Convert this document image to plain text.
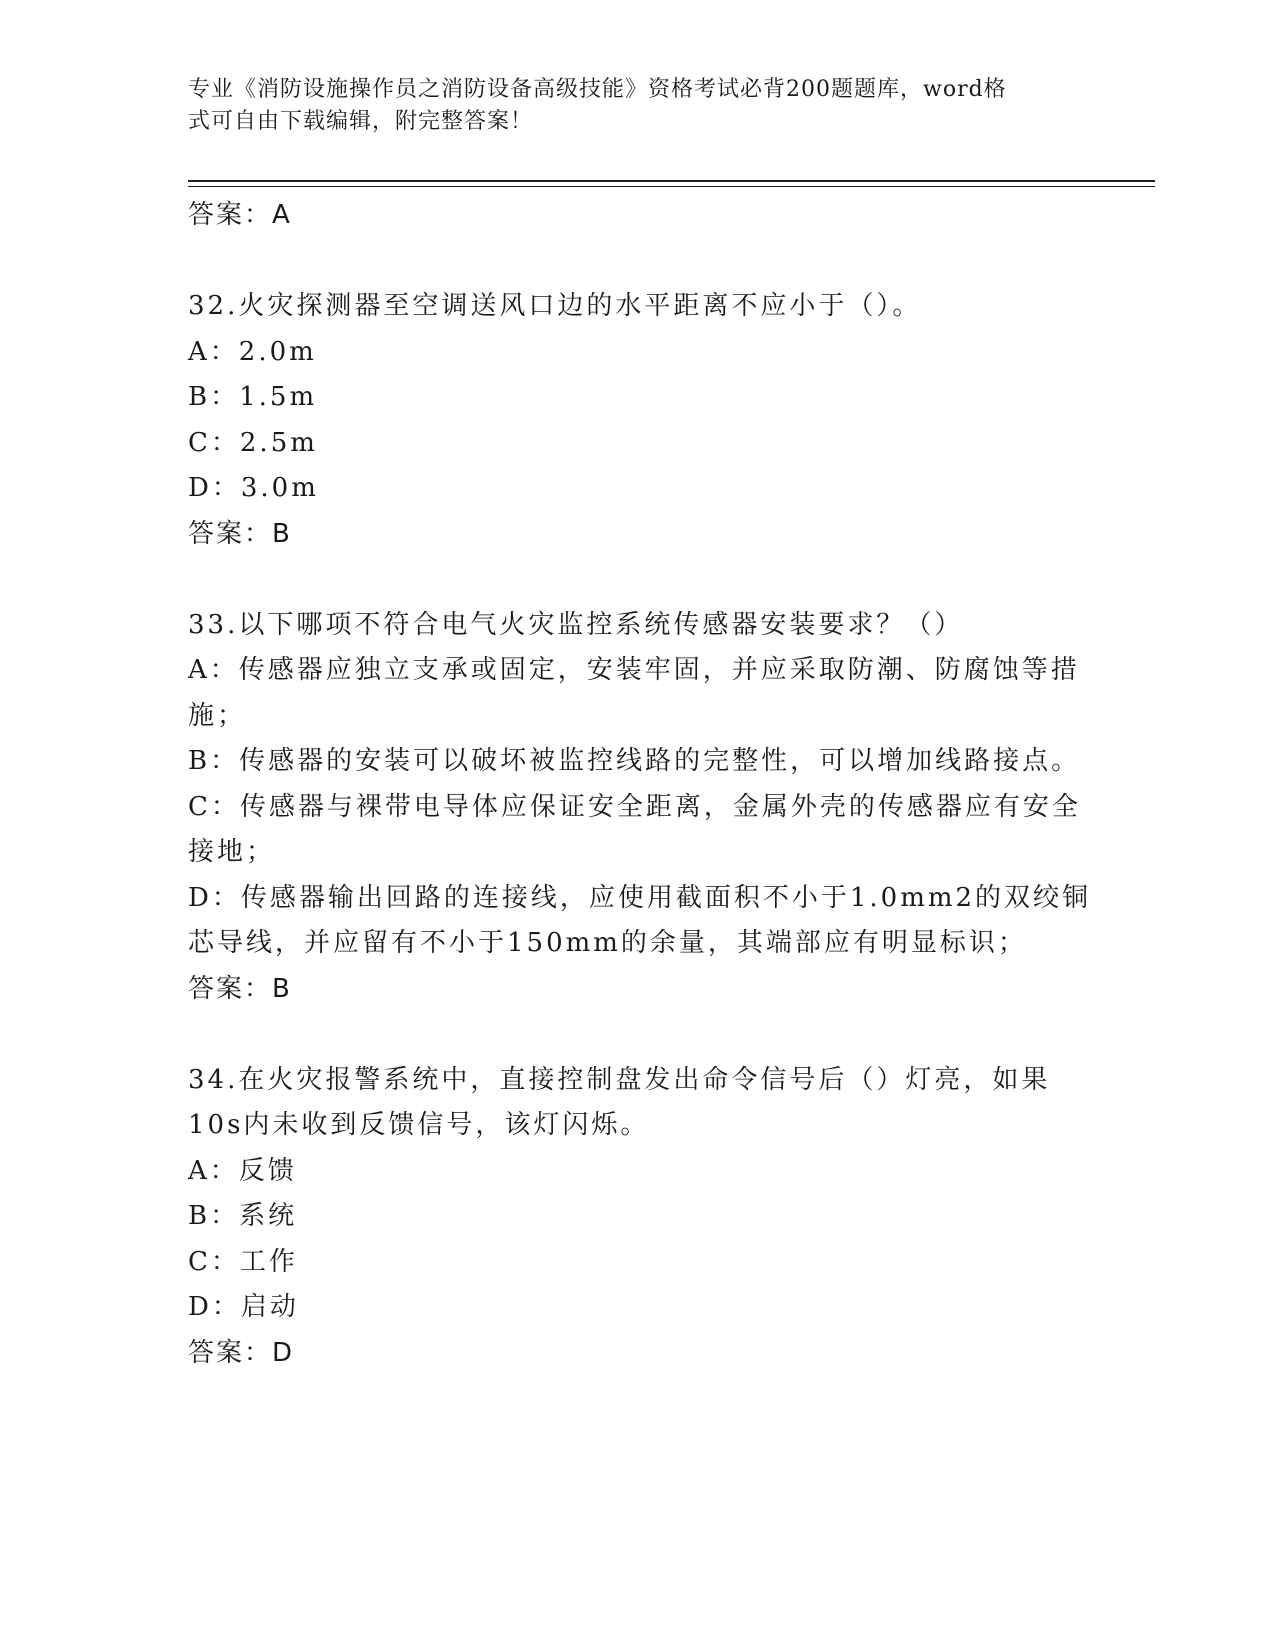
专业《消防设施操作员之消防设备高级技能》资格考试必背200题题库，word格
式可自由下载编辑，附完整答案！
答案：A
32.火灾探测器至空调送风口边的水平距离不应小于（）。
A：2.0m
B：1.5m
C：2.5m
D：3.0m
答案：B
33.以下哪项不符合电气火灾监控系统传感器安装要求？（）
A：传感器应独立支承或固定，安装牢固，并应采取防潮、防腐蚀等措
施；
B：传感器的安装可以破坏被监控线路的完整性，可以增加线路接点。
C：传感器与裸带电导体应保证安全距离，金属外壳的传感器应有安全
接地；
D：传感器输出回路的连接线，应使用截面积不小于1.0mm2的双绞铜
芯导线，并应留有不小于150mm的余量，其端部应有明显标识；
答案：B
34.在火灾报警系统中，直接控制盘发出命令信号后（）灯亮，如果
10s内未收到反馈信号，该灯闪烁。
A：反馈
B：系统
C：工作
D：启动
答案：D
